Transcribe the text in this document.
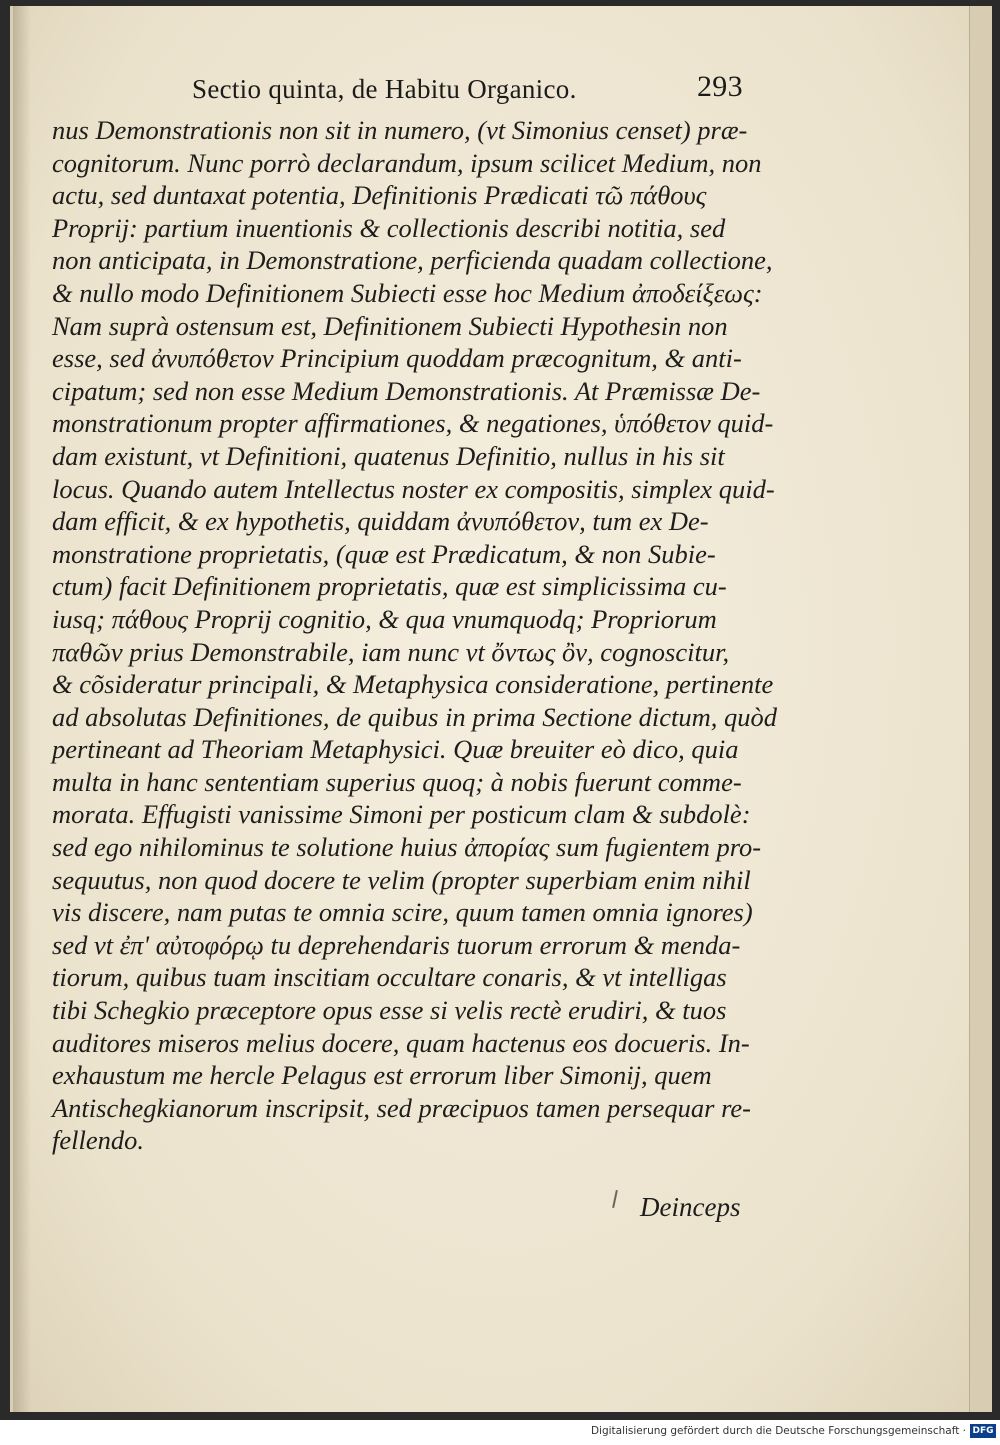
Sectio quinta, de Habitu Organico.	293
nus Demonstrationis non sit in numero, (vt Simonius censet) præ-
cognitorum. Nunc porrò declarandum, ipsum scilicet Medium, non
actu, sed duntaxat potentia, Definitionis Prædicati τῶ πάθους
Proprij: partium inuentionis & collectionis describi notitia, sed
non anticipata, in Demonstratione, perficienda quadam collectione,
& nullo modo Definitionem Subiecti esse hoc Medium ἀποδείξεως:
Nam suprà ostensum est, Definitionem Subiecti Hypothesin non
esse, sed ἀνυπόθετον Principium quoddam præcognitum, & anti-
cipatum; sed non esse Medium Demonstrationis. At Præmissæ De-
monstrationum propter affirmationes, & negationes, ὑπόθετον quid-
dam existunt, vt Definitioni, quatenus Definitio, nullus in his sit
locus. Quando autem Intellectus noster ex compositis, simplex quid-
dam efficit, & ex hypothetis, quiddam ἀνυπόθετον, tum ex De-
monstratione proprietatis, (quæ est Prædicatum, & non Subie-
ctum) facit Definitionem proprietatis, quæ est simplicissima cu-
iusq; πάθους Proprij cognitio, & qua vnumquodq; Propriorum
παθῶν prius Demonstrabile, iam nunc vt ὄντως ὂν, cognoscitur,
& cõsideratur principali, & Metaphysica consideratione, pertinente
ad absolutas Definitiones, de quibus in prima Sectione dictum, quòd
pertineant ad Theoriam Metaphysici. Quæ breuiter eò dico, quia
multa in hanc sententiam superius quoq; à nobis fuerunt comme-
morata. Effugisti vanissime Simoni per posticum clam & subdolè:
sed ego nihilominus te solutione huius ἀπορίας sum fugientem pro-
sequutus, non quod docere te velim (propter superbiam enim nihil
vis discere, nam putas te omnia scire, quum tamen omnia ignores)
sed vt ἐπ' αὐτοφόρῳ tu deprehendaris tuorum errorum & menda-
tiorum, quibus tuam inscitiam occultare conaris, & vt intelligas
tibi Schegkio præceptore opus esse si velis rectè erudiri, & tuos
auditores miseros melius docere, quam hactenus eos docueris. In-
exhaustum me hercle Pelagus est errorum liber Simonij, quem
Antischegkianorum inscripsit, sed præcipuos tamen persequar re-
fellendo.
Deinceps
Digitalisierung gefördert durch die Deutsche Forschungsgemeinschaft · DFG
